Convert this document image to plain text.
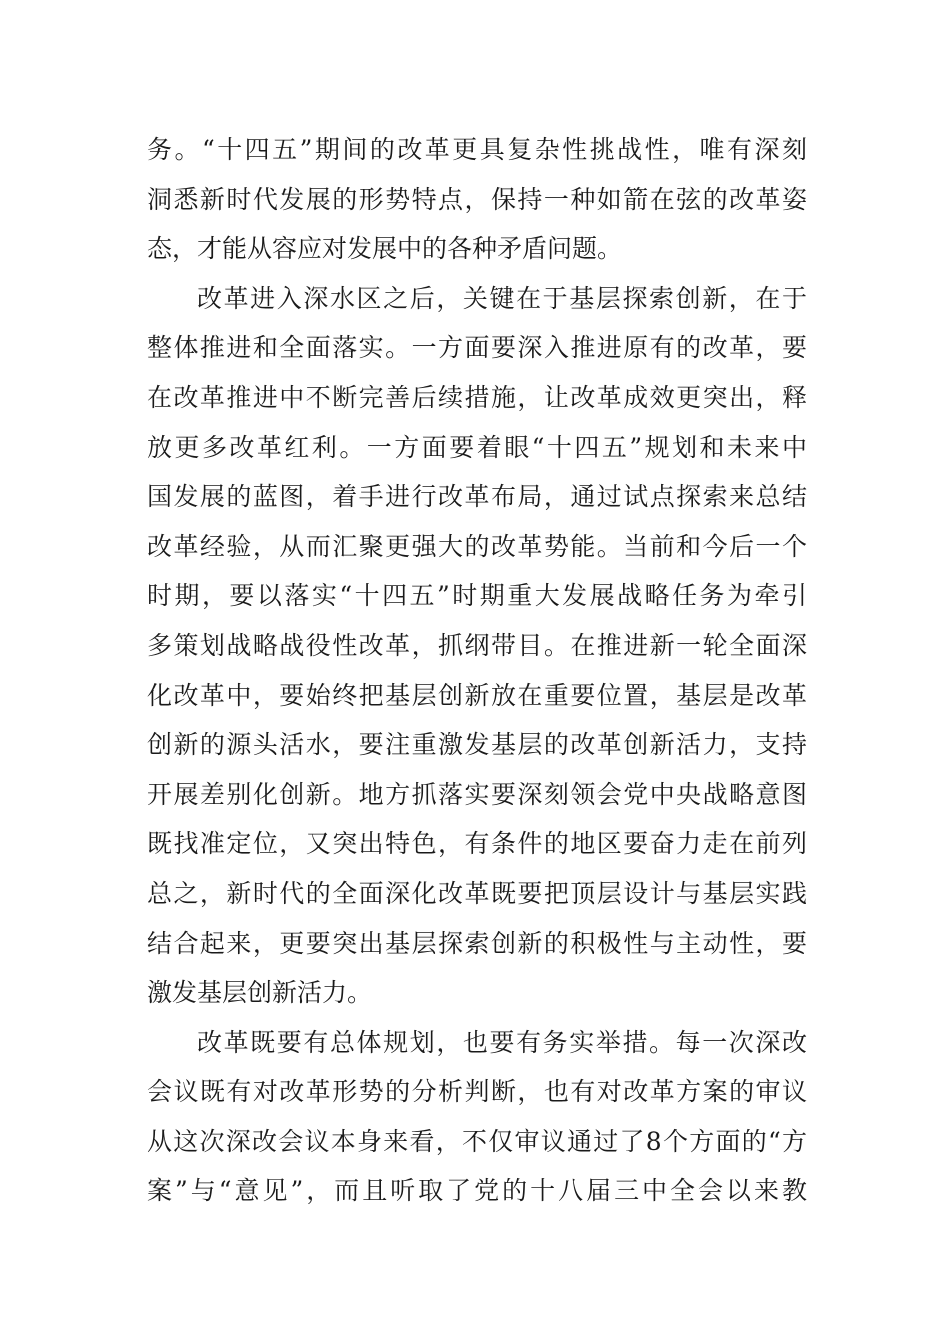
务。“十四五”期间的改革更具复杂性挑战性，唯有深刻
洞悉新时代发展的形势特点，保持一种如箭在弦的改革姿
态，才能从容应对发展中的各种矛盾问题。
改革进入深水区之后，关键在于基层探索创新，在于
整体推进和全面落实。一方面要深入推进原有的改革，要
在改革推进中不断完善后续措施，让改革成效更突出，释
放更多改革红利。一方面要着眼“十四五”规划和未来中
国发展的蓝图，着手进行改革布局，通过试点探索来总结
改革经验，从而汇聚更强大的改革势能。当前和今后一个
时期，要以落实“十四五”时期重大发展战略任务为牵引
多策划战略战役性改革，抓纲带目。在推进新一轮全面深
化改革中，要始终把基层创新放在重要位置，基层是改革
创新的源头活水，要注重激发基层的改革创新活力，支持
开展差别化创新。地方抓落实要深刻领会党中央战略意图
既找准定位，又突出特色，有条件的地区要奋力走在前列
总之，新时代的全面深化改革既要把顶层设计与基层实践
结合起来，更要突出基层探索创新的积极性与主动性，要
激发基层创新活力。
改革既要有总体规划，也要有务实举措。每一次深改
会议既有对改革形势的分析判断，也有对改革方案的审议
从这次深改会议本身来看，不仅审议通过了8个方面的“方
案”与“意见”，而且听取了党的十八届三中全会以来教
